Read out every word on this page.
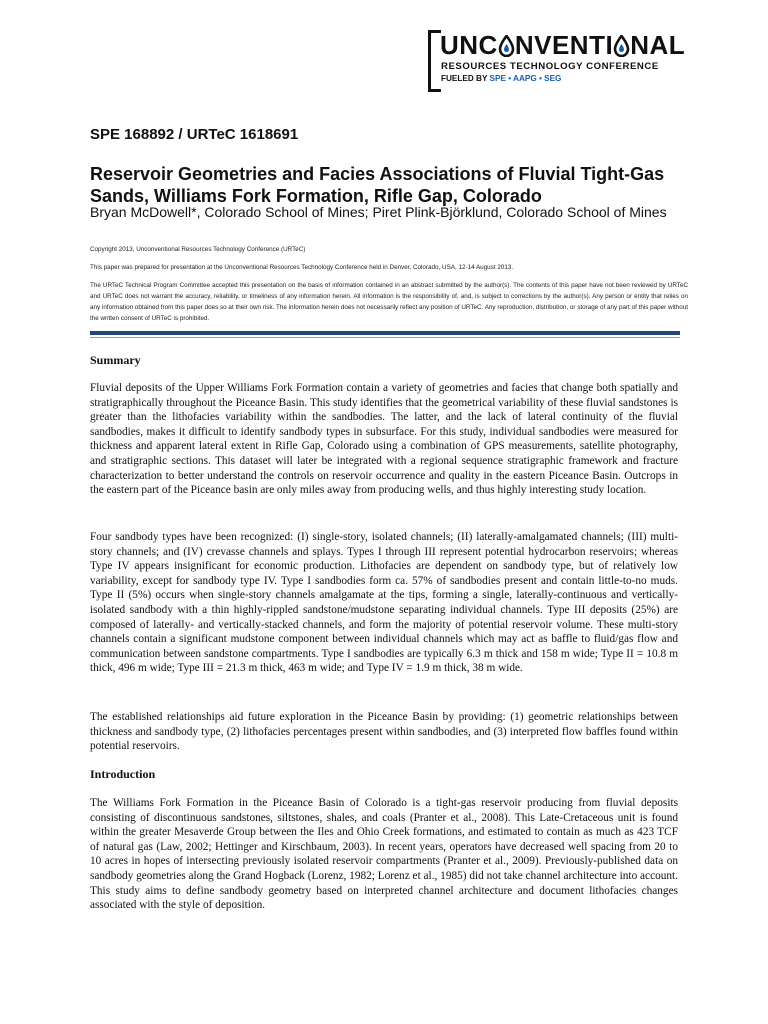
UNC NVENTI NAL
RESOURCES TECHNOLOGY CONFERENCE
FUELED BY SPE • AAPG • SEG
SPE 168892 / URTeC 1618691
Reservoir Geometries and Facies Associations of Fluvial Tight-Gas Sands, Williams Fork Formation, Rifle Gap, Colorado
Bryan McDowell*, Colorado School of Mines; Piret Plink-Björklund, Colorado School of Mines

Copyright 2013, Unconventional Resources Technology Conference (URTeC)

This paper was prepared for presentation at the Unconventional Resources Technology Conference held in Denver, Colorado, USA, 12-14 August 2013.

The URTeC Technical Program Committee accepted this presentation on the basis of information contained in an abstract submitted by the author(s). The contents of this paper have not been reviewed by URTeC and URTeC does not warrant the accuracy, reliability, or timeliness of any information herein. All information is the responsibility of, and, is subject to corrections by the author(s). Any person or entity that relies on any information obtained from this paper does so at their own risk. The information herein does not necessarily reflect any position of URTeC. Any reproduction, distribution, or storage of any part of this paper without the written consent of URTeC is prohibited.

Summary

Fluvial deposits of the Upper Williams Fork Formation contain a variety of geometries and facies that change both spatially and stratigraphically throughout the Piceance Basin. This study identifies that the geometrical variability of these fluvial sandstones is greater than the lithofacies variability within the sandbodies. The latter, and the lack of lateral continuity of the fluvial sandbodies, makes it difficult to identify sandbody types in subsurface. For this study, individual sandbodies were measured for thickness and apparent lateral extent in Rifle Gap, Colorado using a combination of GPS measurements, satellite photography, and stratigraphic sections. This dataset will later be integrated with a regional sequence stratigraphic framework and fracture characterization to better understand the controls on reservoir occurrence and quality in the eastern Piceance Basin. Outcrops in the eastern part of the Piceance basin are only miles away from producing wells, and thus highly interesting study location.

Four sandbody types have been recognized: (I) single-story, isolated channels; (II) laterally-amalgamated channels; (III) multi-story channels; and (IV) crevasse channels and splays. Types I through III represent potential hydrocarbon reservoirs; whereas Type IV appears insignificant for economic production. Lithofacies are dependent on sandbody type, but of relatively low variability, except for sandbody type IV. Type I sandbodies form ca. 57% of sandbodies present and contain little-to-no muds. Type II (5%) occurs when single-story channels amalgamate at the tips, forming a single, laterally-continuous and vertically-isolated sandbody with a thin highly-rippled sandstone/mudstone separating individual channels. Type III deposits (25%) are composed of laterally- and vertically-stacked channels, and form the majority of potential reservoir volume. These multi-story channels contain a significant mudstone component between individual channels which may act as baffle to fluid/gas flow and communication between sandstone compartments. Type I sandbodies are typically 6.3 m thick and 158 m wide; Type II = 10.8 m thick, 496 m wide; Type III = 21.3 m thick, 463 m wide; and Type IV = 1.9 m thick, 38 m wide.

The established relationships aid future exploration in the Piceance Basin by providing: (1) geometric relationships between thickness and sandbody type, (2) lithofacies percentages present within sandbodies, and (3) interpreted flow baffles found within potential reservoirs.

Introduction

The Williams Fork Formation in the Piceance Basin of Colorado is a tight-gas reservoir producing from fluvial deposits consisting of discontinuous sandstones, siltstones, shales, and coals (Pranter et al., 2008). This Late-Cretaceous unit is found within the greater Mesaverde Group between the Iles and Ohio Creek formations, and estimated to contain as much as 423 TCF of natural gas (Law, 2002; Hettinger and Kirschbaum, 2003). In recent years, operators have decreased well spacing from 20 to 10 acres in hopes of intersecting previously isolated reservoir compartments (Pranter et al., 2009). Previously-published data on sandbody geometries along the Grand Hogback (Lorenz, 1982; Lorenz et al., 1985) did not take channel architecture into account. This study aims to define sandbody geometry based on interpreted channel architecture and document lithofacies changes associated with the style of deposition.
